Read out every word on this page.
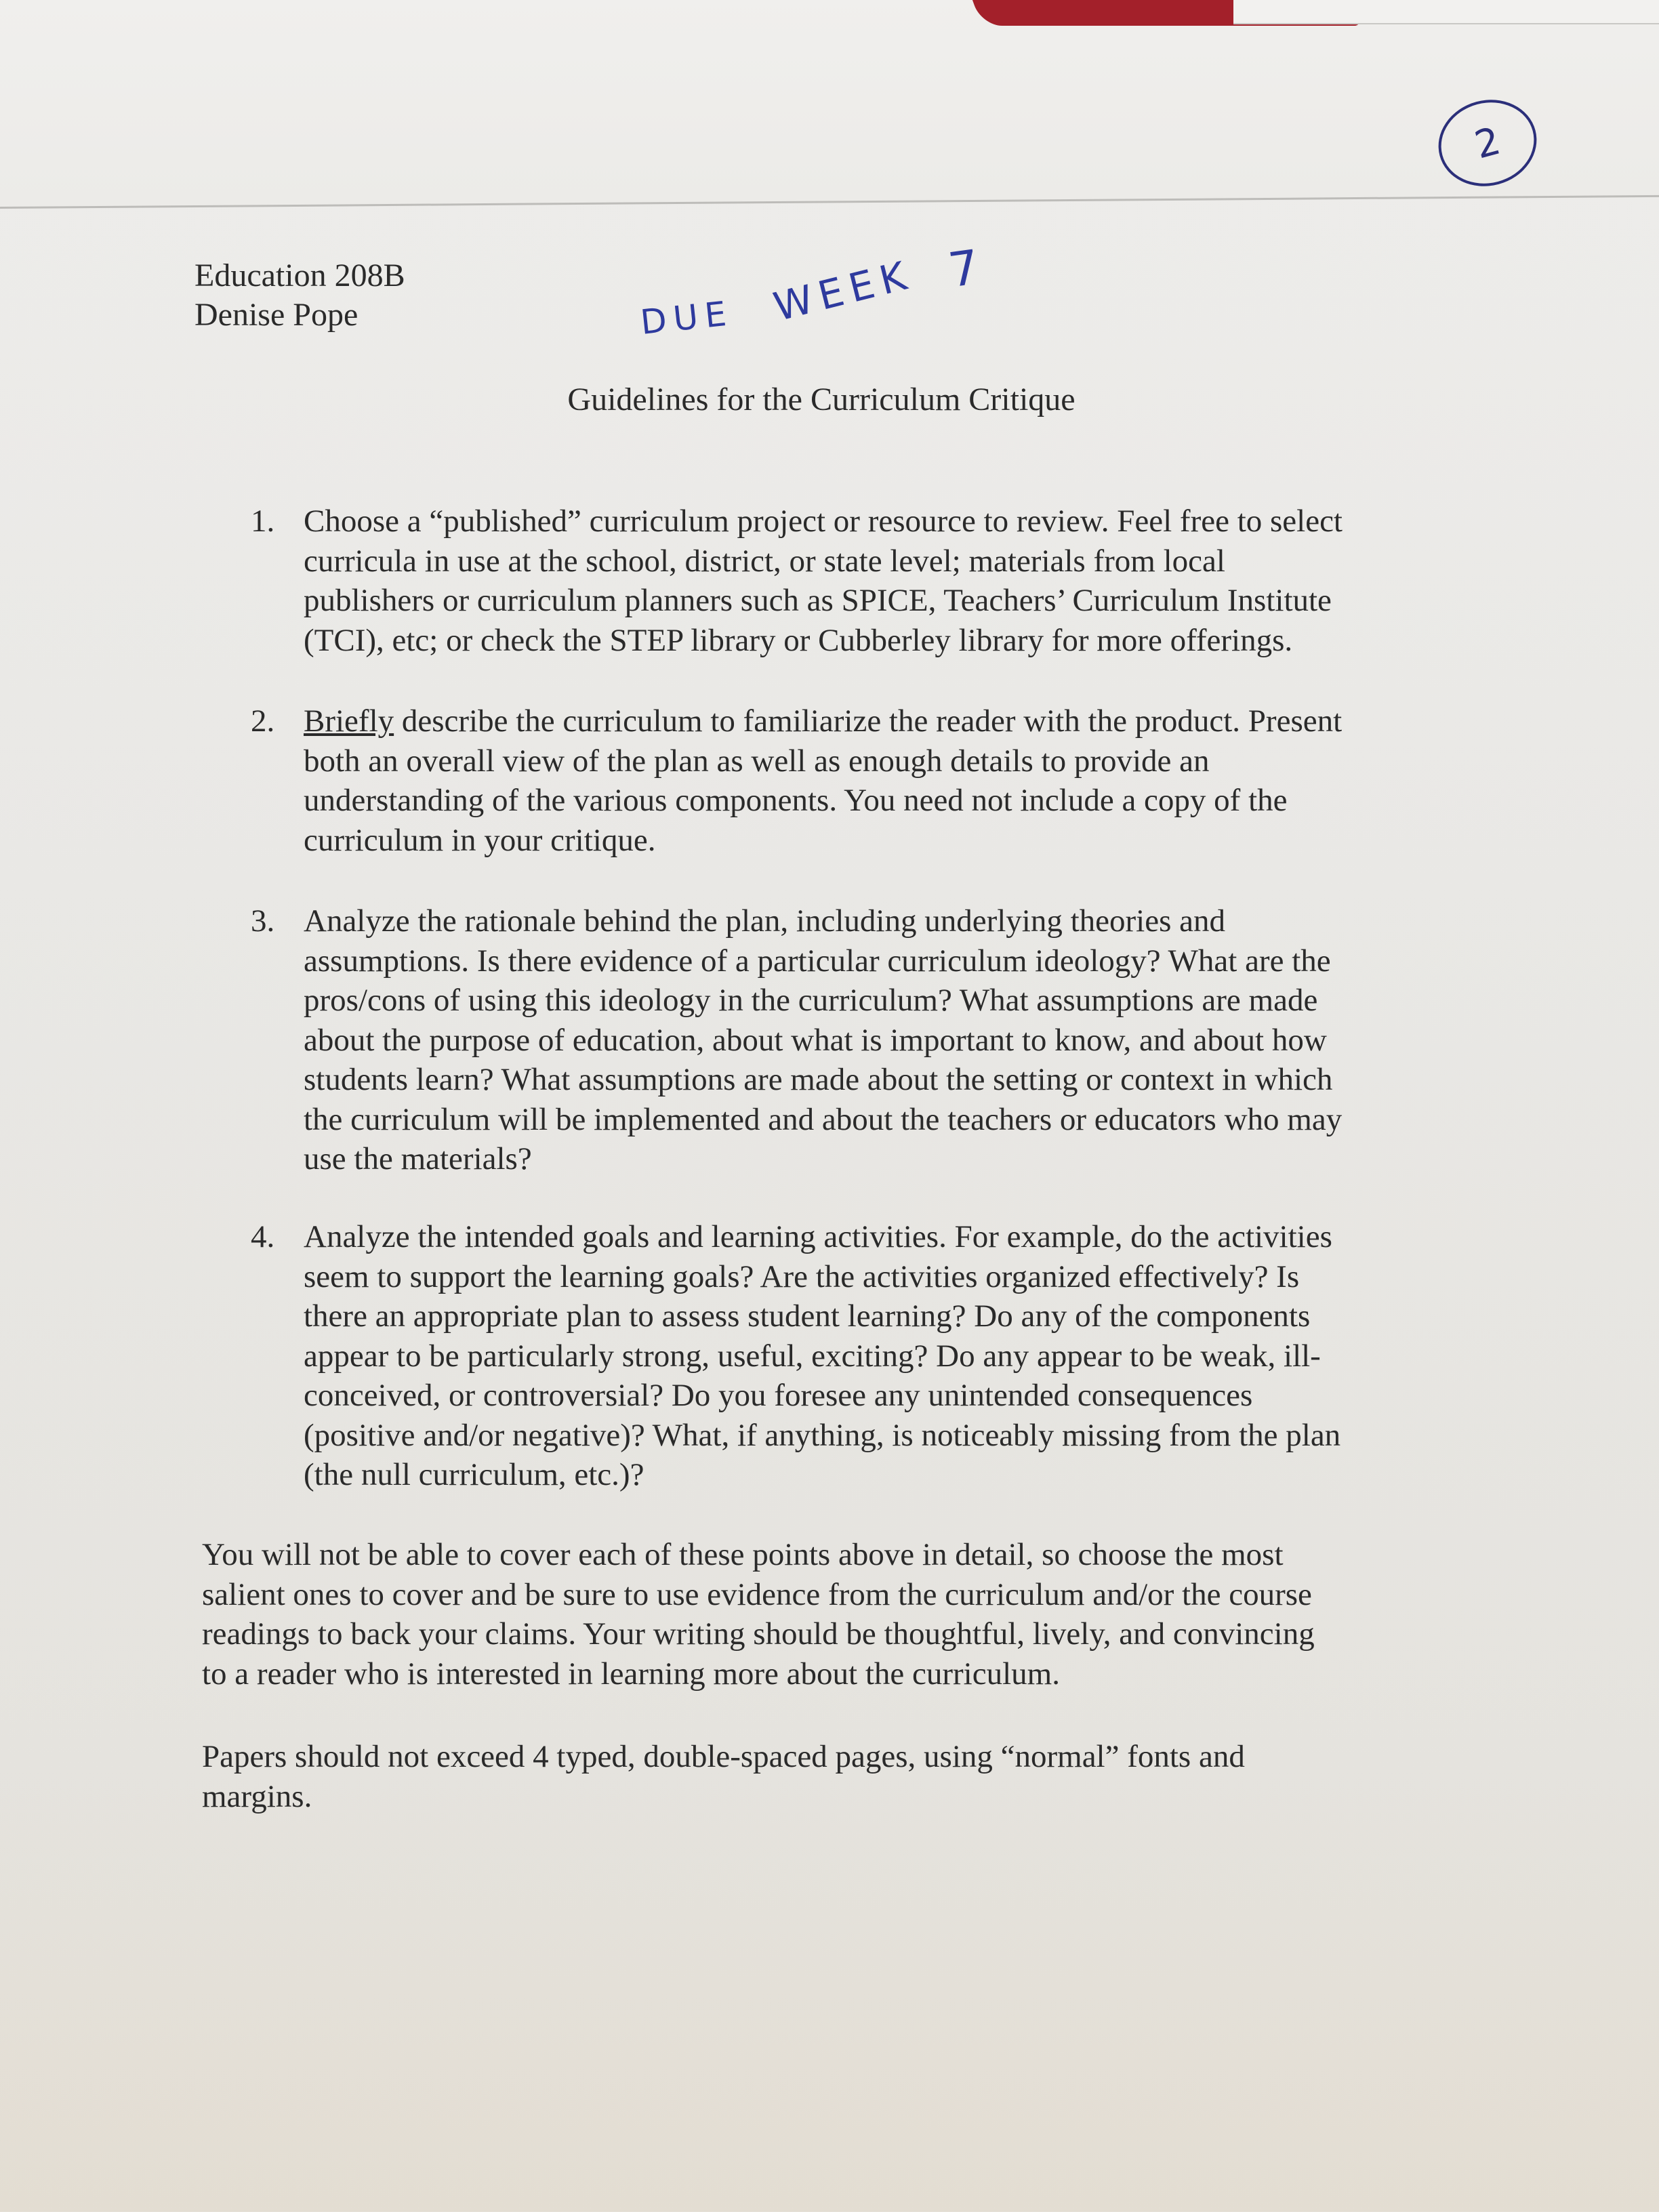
2
DUE WEEK 7
Education 208B
Denise Pope
Guidelines for the Curriculum Critique
1. Choose a “published” curriculum project or resource to review. Feel free to select
curricula in use at the school, district, or state level; materials from local
publishers or curriculum planners such as SPICE, Teachers’ Curriculum Institute
(TCI), etc; or check the STEP library or Cubberley library for more offerings.
2. Briefly describe the curriculum to familiarize the reader with the product. Present
both an overall view of the plan as well as enough details to provide an
understanding of the various components. You need not include a copy of the
curriculum in your critique.
3. Analyze the rationale behind the plan, including underlying theories and
assumptions. Is there evidence of a particular curriculum ideology? What are the
pros/cons of using this ideology in the curriculum? What assumptions are made
about the purpose of education, about what is important to know, and about how
students learn? What assumptions are made about the setting or context in which
the curriculum will be implemented and about the teachers or educators who may
use the materials?
4. Analyze the intended goals and learning activities. For example, do the activities
seem to support the learning goals? Are the activities organized effectively? Is
there an appropriate plan to assess student learning? Do any of the components
appear to be particularly strong, useful, exciting? Do any appear to be weak, ill-
conceived, or controversial? Do you foresee any unintended consequences
(positive and/or negative)? What, if anything, is noticeably missing from the plan
(the null curriculum, etc.)?
You will not be able to cover each of these points above in detail, so choose the most
salient ones to cover and be sure to use evidence from the curriculum and/or the course
readings to back your claims. Your writing should be thoughtful, lively, and convincing
to a reader who is interested in learning more about the curriculum.
Papers should not exceed 4 typed, double-spaced pages, using “normal” fonts and
margins.
